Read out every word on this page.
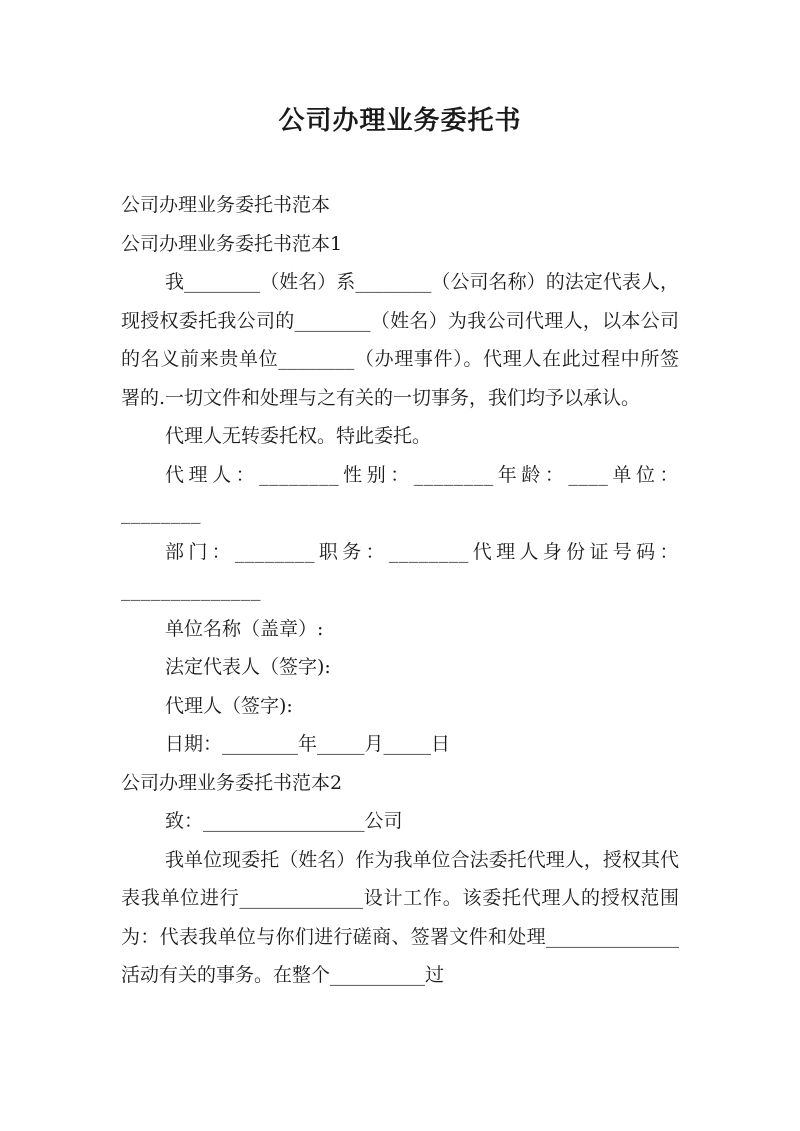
公司办理业务委托书

公司办理业务委托书范本

公司办理业务委托书范本1

我________（姓名）系________（公司名称）的法定代表人，现授权委托我公司的________（姓名）为我公司代理人，以本公司的名义前来贵单位________（办理事件）。代理人在此过程中所签署的.一切文件和处理与之有关的一切事务，我们均予以承认。

代理人无转委托权。特此委托。

代理人：________性别：________年龄：____单位：________

部门：________职务：________代理人身份证号码：______________

单位名称（盖章）:

法定代表人（签字):

代理人（签字):

日期：________年_____月_____日

公司办理业务委托书范本2

致：_________________公司

我单位现委托（姓名）作为我单位合法委托代理人，授权其代表我单位进行_____________设计工作。该委托代理人的授权范围为：代表我单位与你们进行磋商、签署文件和处理______________活动有关的事务。在整个__________过
